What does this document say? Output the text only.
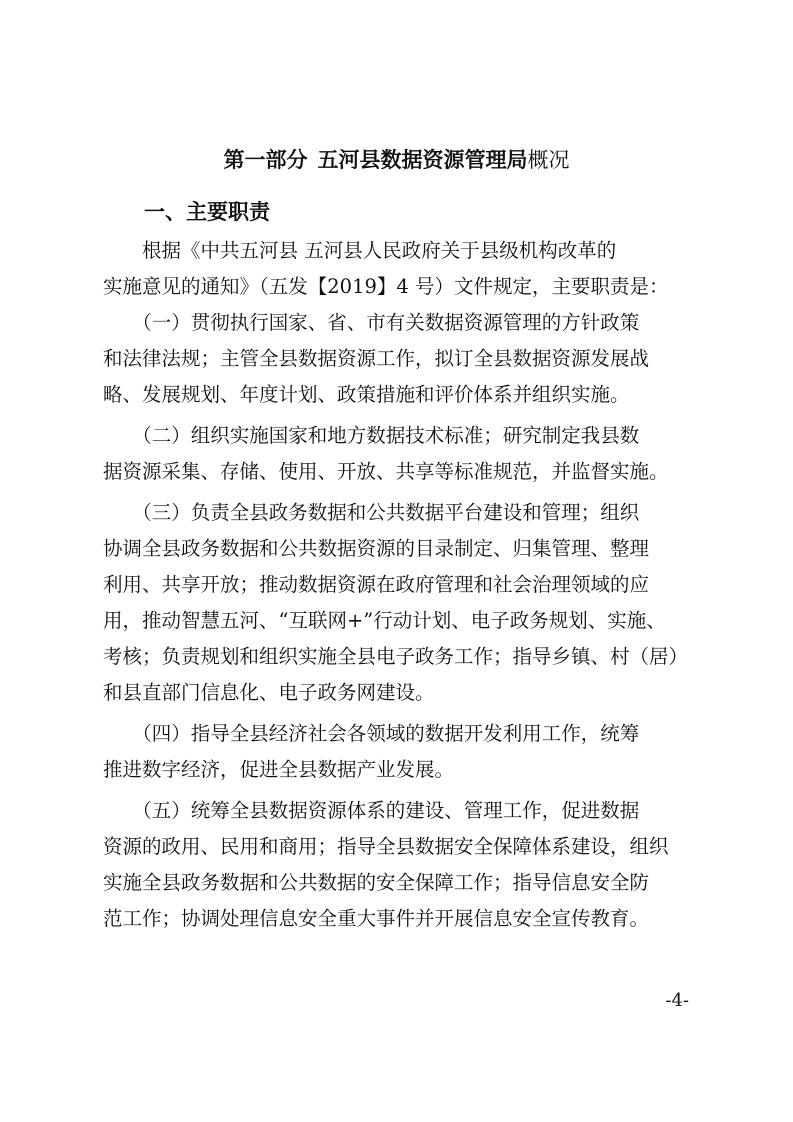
第一部分 五河县数据资源管理局概况
一、主要职责
　　根据《中共五河县 五河县人民政府关于县级机构改革的
实施意见的通知》（五发【2019】4 号）文件规定，主要职责是：
　　（一）贯彻执行国家、省、市有关数据资源管理的方针政策
和法律法规；主管全县数据资源工作，拟订全县数据资源发展战
略、发展规划、年度计划、政策措施和评价体系并组织实施。
　　（二）组织实施国家和地方数据技术标准；研究制定我县数
据资源采集、存储、使用、开放、共享等标准规范，并监督实施。
　　（三）负责全县政务数据和公共数据平台建设和管理；组织
协调全县政务数据和公共数据资源的目录制定、归集管理、整理
利用、共享开放；推动数据资源在政府管理和社会治理领域的应
用，推动智慧五河、“互联网+”行动计划、电子政务规划、实施、
考核；负责规划和组织实施全县电子政务工作；指导乡镇、村（居）
和县直部门信息化、电子政务网建设。
　　（四）指导全县经济社会各领域的数据开发利用工作，统筹
推进数字经济，促进全县数据产业发展。
　　（五）统筹全县数据资源体系的建设、管理工作，促进数据
资源的政用、民用和商用；指导全县数据安全保障体系建设，组织
实施全县政务数据和公共数据的安全保障工作；指导信息安全防
范工作；协调处理信息安全重大事件并开展信息安全宣传教育。
-4-
